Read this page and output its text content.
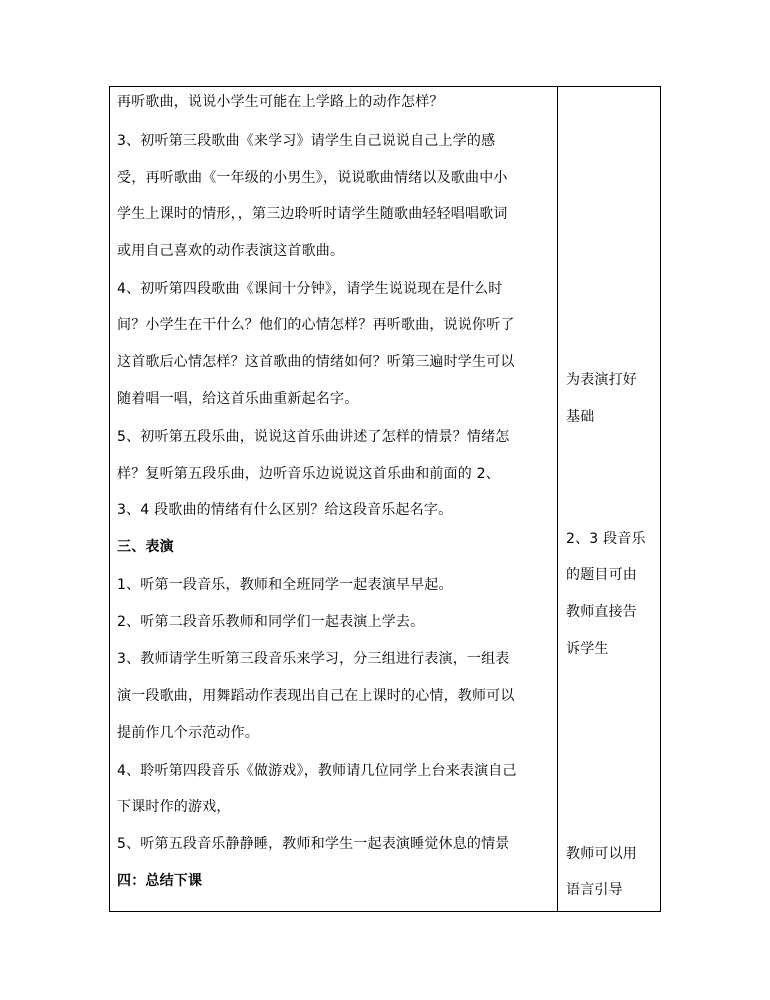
再听歌曲，说说小学生可能在上学路上的动作怎样？
3、初听第三段歌曲《来学习》请学生自己说说自己上学的感
受，再听歌曲《一年级的小男生》，说说歌曲情绪以及歌曲中小
学生上课时的情形，，第三边聆听时请学生随歌曲轻轻唱唱歌词
或用自己喜欢的动作表演这首歌曲。
4、初听第四段歌曲《课间十分钟》，请学生说说现在是什么时
间？小学生在干什么？他们的心情怎样？再听歌曲，说说你听了
这首歌后心情怎样？这首歌曲的情绪如何？听第三遍时学生可以
随着唱一唱，给这首乐曲重新起名字。
5、初听第五段乐曲，说说这首乐曲讲述了怎样的情景？情绪怎
样？复听第五段乐曲，边听音乐边说说这首乐曲和前面的 2、
3、4 段歌曲的情绪有什么区别？给这段音乐起名字。
三、表演
1、听第一段音乐，教师和全班同学一起表演早早起。
2、听第二段音乐教师和同学们一起表演上学去。
3、教师请学生听第三段音乐来学习，分三组进行表演，一组表
演一段歌曲，用舞蹈动作表现出自己在上课时的心情，教师可以
提前作几个示范动作。
4、聆听第四段音乐《做游戏》，教师请几位同学上台来表演自己
下课时作的游戏，
5、听第五段音乐静静睡，教师和学生一起表演睡觉休息的情景
四：总结下课
为表演打好
基础
2、3 段音乐
的题目可由
教师直接告
诉学生
教师可以用
语言引导
